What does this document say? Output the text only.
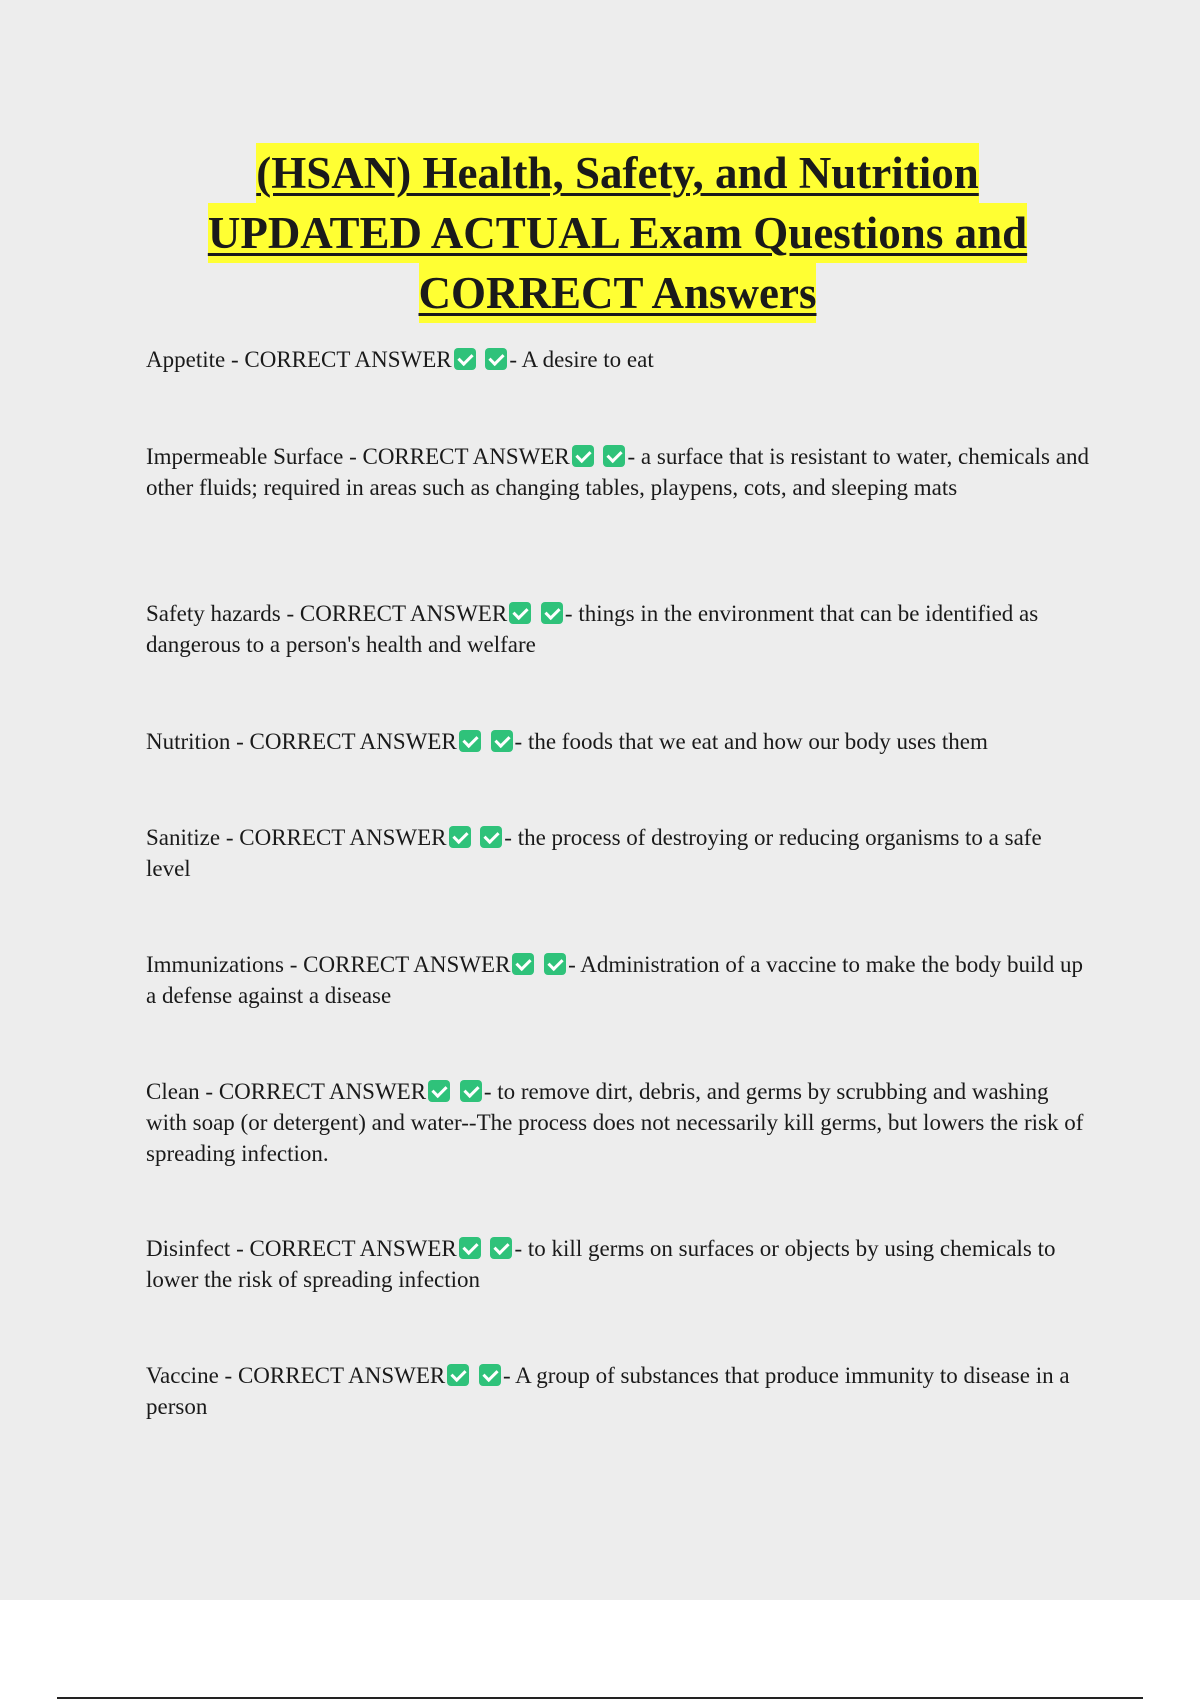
(HSAN) Health, Safety, and Nutrition
UPDATED ACTUAL Exam Questions and
CORRECT Answers

Appetite - CORRECT ANSWER	- A desire to eat

Impermeable Surface - CORRECT ANSWER	- a surface that is resistant to water, chemicals and other fluids; required in areas such as changing tables, playpens, cots, and sleeping mats

Safety hazards - CORRECT ANSWER	- things in the environment that can be identified as dangerous to a person's health and welfare

Nutrition - CORRECT ANSWER	- the foods that we eat and how our body uses them

Sanitize - CORRECT ANSWER	- the process of destroying or reducing organisms to a safe level

Immunizations - CORRECT ANSWER	- Administration of a vaccine to make the body build up a defense against a disease

Clean - CORRECT ANSWER	- to remove dirt, debris, and germs by scrubbing and washing with soap (or detergent) and water--The process does not necessarily kill germs, but lowers the risk of spreading infection.

Disinfect - CORRECT ANSWER	- to kill germs on surfaces or objects by using chemicals to lower the risk of spreading infection

Vaccine - CORRECT ANSWER	- A group of substances that produce immunity to disease in a person
